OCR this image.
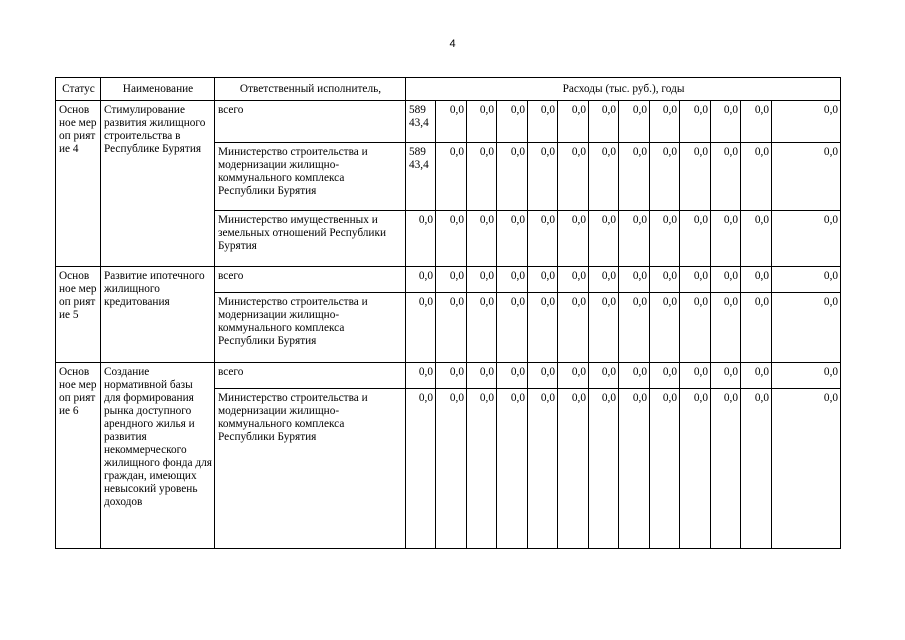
4
Статус	Наименование	Ответственный исполнитель,	Расходы (тыс. руб.), годы												
Основ ное мероп риятие 4	Стимулирование развития жилищного строительства в Республике Бурятия	всего	589 43,4	0,0	0,0	0,0	0,0	0,0	0,0	0,0	0,0	0,0	0,0	0,0	0,0
		Министерство строительства и модернизации жилищно-коммунального комплекса Республики Бурятия	589 43,4	0,0	0,0	0,0	0,0	0,0	0,0	0,0	0,0	0,0	0,0	0,0	0,0
		Министерство имущественных и земельных отношений Республики Бурятия	0,0	0,0	0,0	0,0	0,0	0,0	0,0	0,0	0,0	0,0	0,0	0,0	0,0
Основ ное мероп риятие 5	Развитие ипотечного жилищного кредитования	всего	0,0	0,0	0,0	0,0	0,0	0,0	0,0	0,0	0,0	0,0	0,0	0,0	0,0
		Министерство строительства и модернизации жилищно-коммунального комплекса Республики Бурятия	0,0	0,0	0,0	0,0	0,0	0,0	0,0	0,0	0,0	0,0	0,0	0,0	0,0
Основ ное мероп риятие 6	Создание нормативной базы для формирования рынка доступного арендного жилья и развития некоммерческого жилищного фонда для граждан, имеющих невысокий уровень доходов	всего	0,0	0,0	0,0	0,0	0,0	0,0	0,0	0,0	0,0	0,0	0,0	0,0	0,0
		Министерство строительства и модернизации жилищно-коммунального комплекса Республики Бурятия	0,0	0,0	0,0	0,0	0,0	0,0	0,0	0,0	0,0	0,0	0,0	0,0	0,0
